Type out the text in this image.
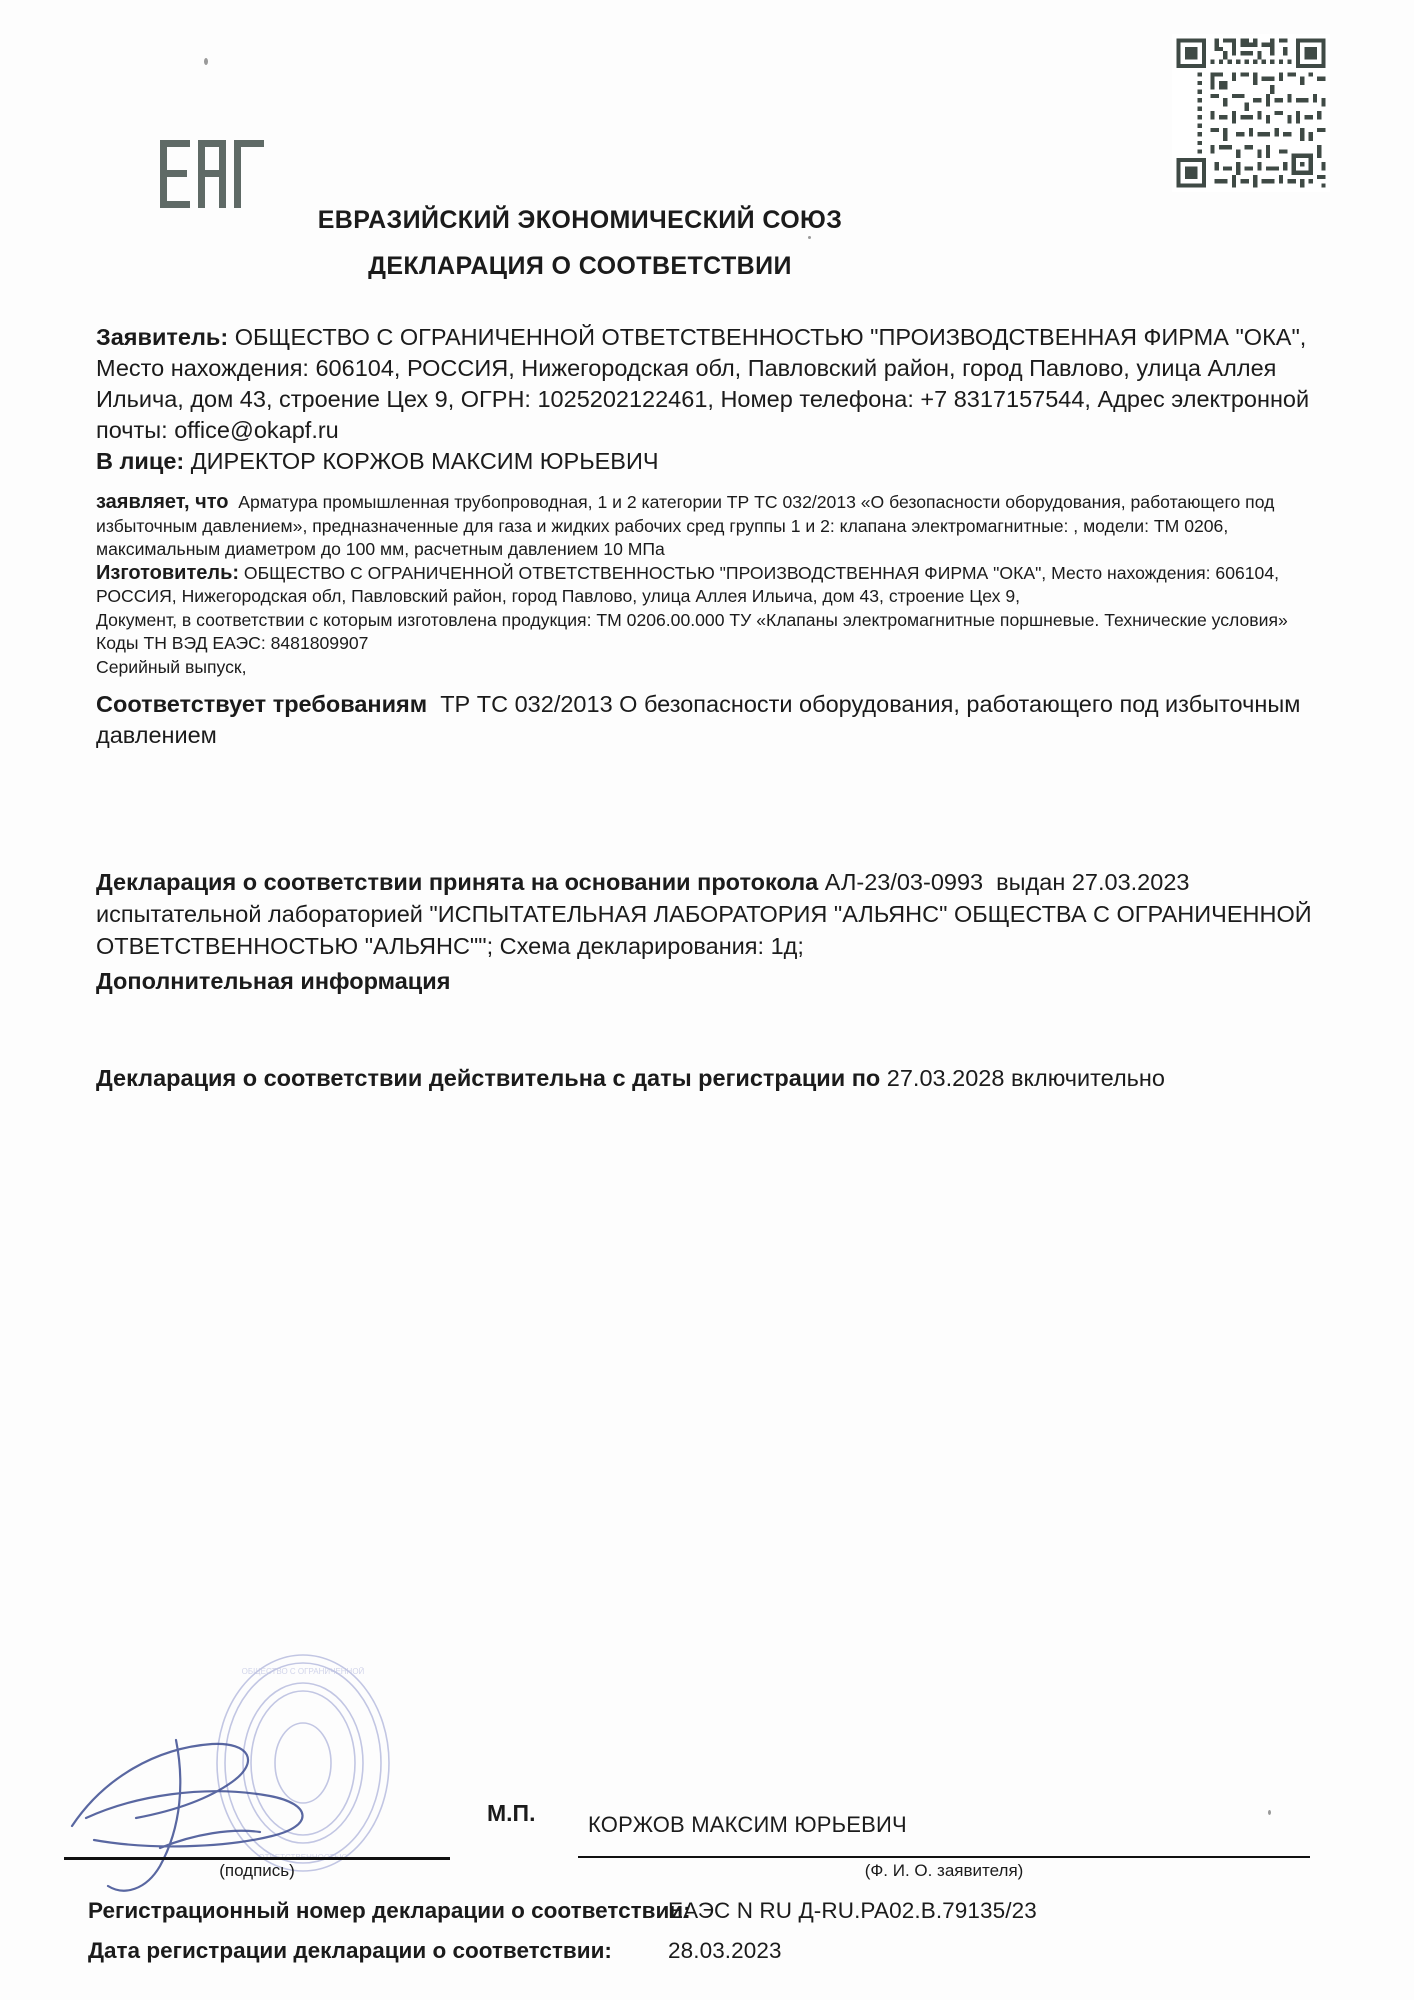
ЕВРАЗИЙСКИЙ ЭКОНОМИЧЕСКИЙ СОЮЗ
ДЕКЛАРАЦИЯ О СООТВЕТСТВИИ

Заявитель: ОБЩЕСТВО С ОГРАНИЧЕННОЙ ОТВЕТСТВЕННОСТЬЮ "ПРОИЗВОДСТВЕННАЯ ФИРМА "ОКА", Место нахождения: 606104, РОССИЯ, Нижегородская обл, Павловский район, город Павлово, улица Аллея Ильича, дом 43, строение Цех 9, ОГРН: 1025202122461, Номер телефона: +7 8317157544, Адрес электронной почты: office@okapf.ru

В лице: ДИРЕКТОР КОРЖОВ МАКСИМ ЮРЬЕВИЧ

заявляет, что Арматура промышленная трубопроводная, 1 и 2 категории ТР ТС 032/2013 «О безопасности оборудования, работающего под избыточным давлением», предназначенные для газа и жидких рабочих сред группы 1 и 2: клапана электромагнитные: , модели: ТМ 0206, максимальным диаметром до 100 мм, расчетным давлением 10 МПа

Изготовитель: ОБЩЕСТВО С ОГРАНИЧЕННОЙ ОТВЕТСТВЕННОСТЬЮ "ПРОИЗВОДСТВЕННАЯ ФИРМА "ОКА", Место нахождения: 606104, РОССИЯ, Нижегородская обл, Павловский район, город Павлово, улица Аллея Ильича, дом 43, строение Цех 9,

Документ, в соответствии с которым изготовлена продукция: ТМ 0206.00.000 ТУ «Клапаны электромагнитные поршневые. Технические условия»

Коды ТН ВЭД ЕАЭС: 8481809907

Серийный выпуск,

Соответствует требованиям ТР ТС 032/2013 О безопасности оборудования, работающего под избыточным давлением

Декларация о соответствии принята на основании протокола АЛ-23/03-0993 выдан 27.03.2023  испытательной лабораторией "ИСПЫТАТЕЛЬНАЯ ЛАБОРАТОРИЯ "АЛЬЯНС" ОБЩЕСТВА С ОГРАНИЧЕННОЙ ОТВЕТСТВЕННОСТЬЮ "АЛЬЯНС""; Схема декларирования: 1д;
Дополнительная информация
Декларация о соответствии действительна с даты регистрации по 27.03.2028 включительно
ОБЩЕСТВО С ОГРАНИЧЕННОЙ
М.П. КОРЖОВ МАКСИМ ЮРЬЕВИЧ
(подпись)	(Ф. И. О. заявителя)
Регистрационный номер декларации о соответствии:
ЕАЭС N RU Д-RU.РА02.В.79135/23
Дата регистрации декларации о соответствии: 28.03.2023
